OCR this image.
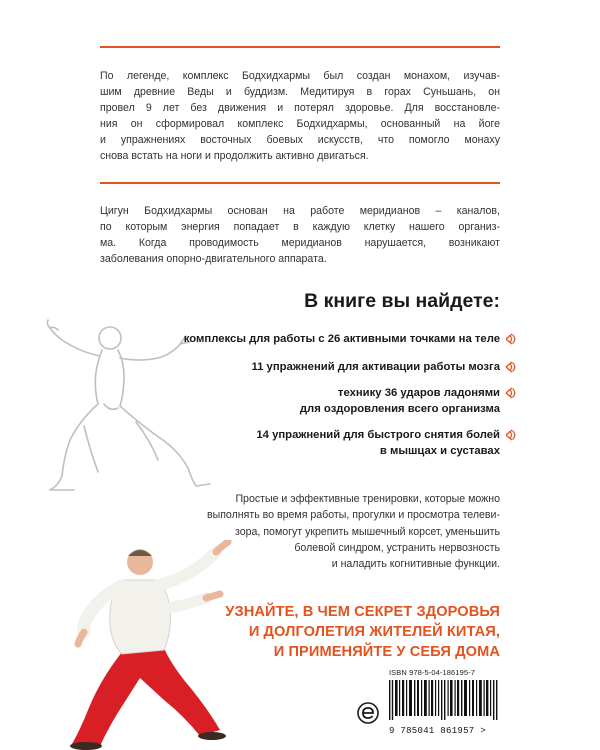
По легенде, комплекс Бодхидхармы был создан монахом, изучав-
шим древние Веды и буддизм. Медитируя в горах Суньшань, он
провел 9 лет без движения и потерял здоровье. Для восстановле-
ния он сформировал комплекс Бодхидхармы, основанный на йоге
и упражнениях восточных боевых искусств, что помогло монаху
снова встать на ноги и продолжить активно двигаться.

Цигун Бодхидхармы основан на работе меридианов – каналов,
по которым энергия попадает в каждую клетку нашего организ-
ма. Когда проводимость меридианов нарушается, возникают
заболевания опорно-двигательного аппарата.

В книге вы найдете:
комплексы для работы с 26 активными точками на теле
11 упражнений для активации работы мозга
технику 36 ударов ладонями
для оздоровления всего организма
14 упражнений для быстрого снятия болей
в мышцах и суставах

Простые и эффективные тренировки, которые можно
выполнять во время работы, прогулки и просмотра телеви-
зора, помогут укрепить мышечный корсет, уменьшить
болевой синдром, устранить нервозность
и наладить когнитивные функции.

УЗНАЙТЕ, В ЧЕМ СЕКРЕТ ЗДОРОВЬЯ
И ДОЛГОЛЕТИЯ ЖИТЕЛЕЙ КИТАЯ,
И ПРИМЕНЯЙТЕ У СЕБЯ ДОМА
ISBN 978-5-04-186195-7
9 785041 861957 >
